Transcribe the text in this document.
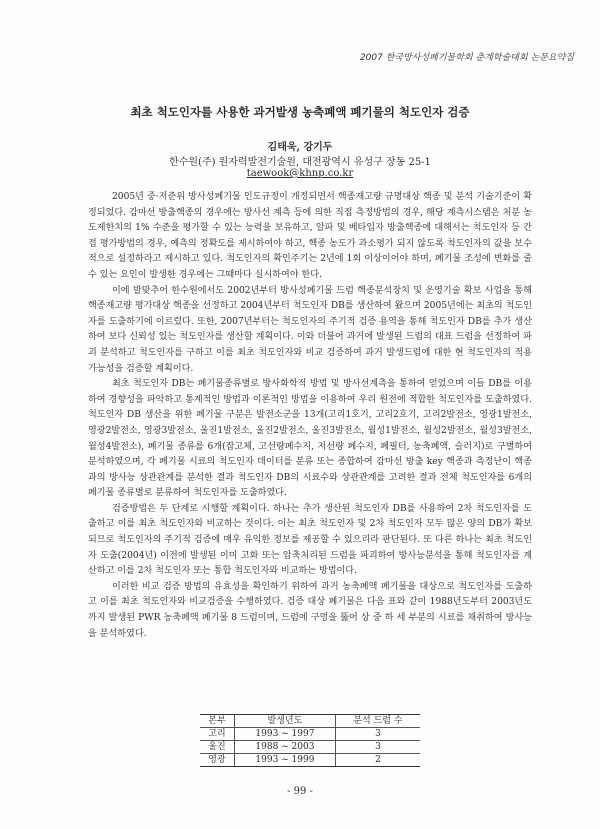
2007 한국방사성폐기물학회 춘계학술대회 논문요약집
최초 척도인자를 사용한 과거발생 농축폐액 폐기물의 척도인자 검증
김태욱, 강기두
한수원(주) 원자력발전기술원, 대전광역시 유성구 장동 25-1
taewook@khnp.co.kr

2005년 중·저준위 방사성폐기물 인도규정이 개정되면서 핵종재고량 규명대상 핵종 및 분석 기술기준이 확정되었다. 감마선 방출핵종의 경우에는 방사선 계측 등에 의한 직접 측정방법의 경우, 해당 계측시스템은 처분 농도제한치의 1% 수준을 평가할 수 있는 능력을 보유하고, 알파 및 베타입자 방출핵종에 대해서는 척도인자 등 간접 평가방법의 경우, 예측의 정확도를 제시하여야 하고, 핵종 농도가 과소평가 되지 않도록 척도인자의 값을 보수적으로 설정하라고 제시하고 있다. 척도인자의 확인주기는 2년에 1회 이상이어야 하며, 폐기물 조성에 변화를 줄 수 있는 요인이 발생한 경우에는 그때마다 실시하여야 한다.

이에 발맞추어 한수원에서도 2002년부터 방사성폐기물 드럼 핵종분석장치 및 운영기술 확보 사업을 통해 핵종재고량 평가대상 핵종을 선정하고 2004년부터 척도인자 DB를 생산하여 왔으며 2005년에는 최초의 척도인자를 도출하기에 이르렀다. 또한, 2007년부터는 척도인자의 주기적 검증 용역을 통해 척도인자 DB를 추가 생산하여 보다 신뢰성 있는 척도인자를 생산할 계획이다. 이와 더불어 과거에 발생된 드럼의 대표 드럼을 선정하여 파괴 분석하고 척도인자를 구하고 이를 최초 척도인자와 비교 검증하여 과거 발생드럼에 대한 현 척도인자의 적용가능성을 검증할 계획이다.

최초 척도인자 DB는 폐기물종류별로 방사화학적 방법 및 방사선계측을 통하여 얻었으며 이들 DB를 이용하여 경향성을 파악하고 통계적인 방법과 이론적인 방법을 이용하여 우리 원전에 적합한 척도인자를 도출하였다. 척도인자 DB 생산을 위한 폐기물 구분은 발전소군을 13개(고리1호기, 고리2호기, 고리2발전소, 영광1발전소, 영광2발전소, 영광3발전소, 울진1발전소, 울진2발전소, 울진3발전소, 월성1발전소, 월성2발전소, 월성3발전소, 월성4발전소), 폐기물 종류를 6개(잡고체, 고선량폐수지, 저선량 폐수지, 폐필터, 농축폐액, 슬러지)로 구별하여 분석하였으며, 각 폐기물 시료의 척도인자 데이터를 분류 또는 종합하여 감마선 방출 key 핵종과 측정난이 핵종과의 방사능 상관관계를 분석한 결과 척도인자 DB의 시료수와 상관관계를 고려한 결과 전체 척도인자를 6개의 폐기물 종류별로 분류하여 척도인자를 도출하였다.

검증방법은 두 단계로 시행할 계획이다. 하나는 추가 생산된 척도인자 DB를 사용하여 2차 척도인자를 도출하고 이를 최초 척도인자와 비교하는 것이다. 이는 최초 척도인자 및 2차 척도인자 모두 많은 양의 DB가 확보되므로 척도인자의 주기적 검증에 매우 유익한 정보를 제공할 수 있으리라 판단된다. 또 다른 하나는 최초 척도인자 도출(2004년) 이전에 발생된 이미 고화 또는 압축처리된 드럼을 파괴하여 방사능분석을 통해 척도인자를 계산하고 이를 2차 척도인자 또는 통합 척도인자와 비교하는 방법이다.

이러한 비교 검증 방법의 유효성을 확인하기 위하여 과거 농축폐액 폐기물을 대상으로 척도인자를 도출하고 이를 최초 척도인자와 비교검증을 수행하였다. 검증 대상 폐기물은 다음 표와 같이 1988년도부터 2003년도까지 발생된 PWR 농축폐액 폐기물 8 드럼이며, 드럼에 구멍을 뚫어 상 중 하 세 부분의 시료를 채취하여 방사능을 분석하였다.

본부	발생년도	분석 드럼 수
고리	1993 ~ 1997	3
울진	1988 ~ 2003	3
영광	1993 ~ 1999	2
- 99 -
